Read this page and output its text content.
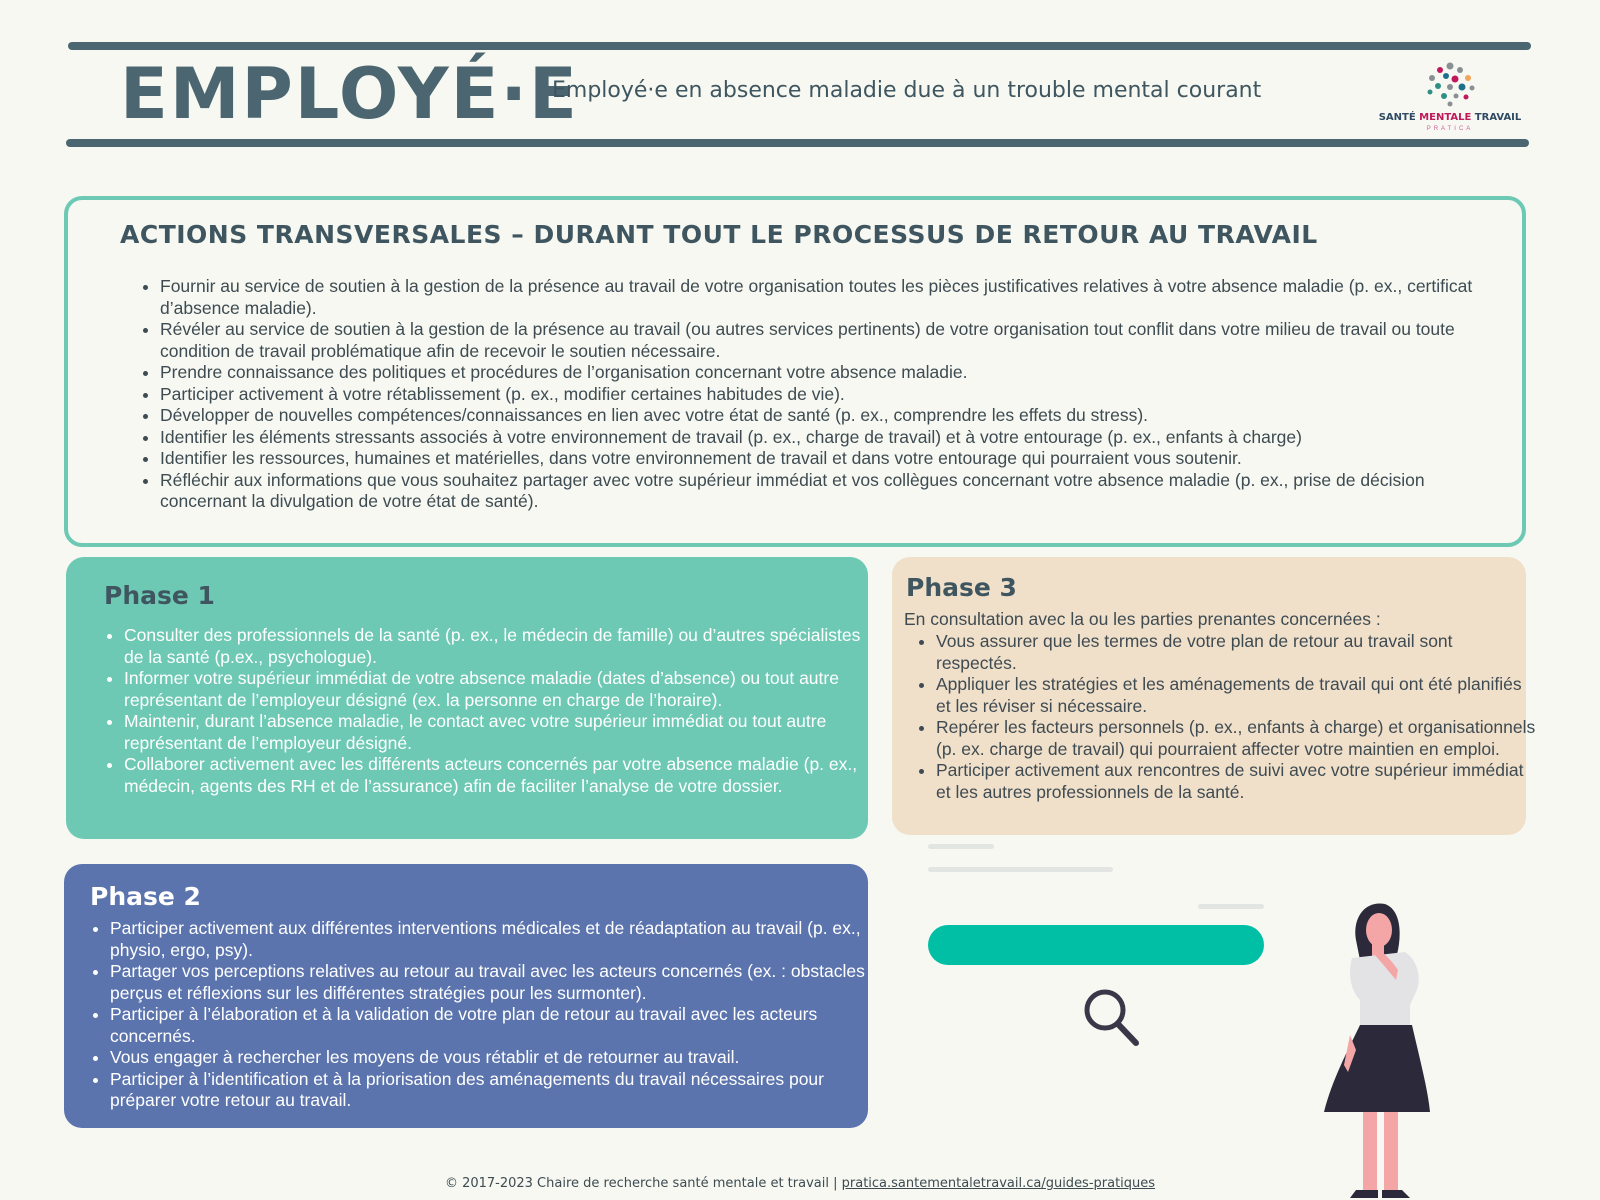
EMPLOYÉ·E
Employé·e en absence maladie due à un trouble mental courant
SANTÉ MENTALE TRAVAIL
PRATICA
ACTIONS TRANSVERSALES – DURANT TOUT LE PROCESSUS DE RETOUR AU TRAVAIL
• Fournir au service de soutien à la gestion de la présence au travail de votre organisation toutes les pièces justificatives relatives à votre absence maladie (p. ex., certificat d’absence maladie).
• Révéler au service de soutien à la gestion de la présence au travail (ou autres services pertinents) de votre organisation tout conflit dans votre milieu de travail ou toute condition de travail problématique afin de recevoir le soutien nécessaire.
• Prendre connaissance des politiques et procédures de l’organisation concernant votre absence maladie.
• Participer activement à votre rétablissement (p. ex., modifier certaines habitudes de vie).
• Développer de nouvelles compétences/connaissances en lien avec votre état de santé (p. ex., comprendre les effets du stress).
• Identifier les éléments stressants associés à votre environnement de travail (p. ex., charge de travail) et à votre entourage (p. ex., enfants à charge)
• Identifier les ressources, humaines et matérielles, dans votre environnement de travail et dans votre entourage qui pourraient vous soutenir.
• Réfléchir aux informations que vous souhaitez partager avec votre supérieur immédiat et vos collègues concernant votre absence maladie (p. ex., prise de décision concernant la divulgation de votre état de santé).
Phase 1
• Consulter des professionnels de la santé (p. ex., le médecin de famille) ou d’autres spécialistes de la santé (p.ex., psychologue).
• Informer votre supérieur immédiat de votre absence maladie (dates d’absence) ou tout autre représentant de l’employeur désigné (ex. la personne en charge de l’horaire).
• Maintenir, durant l’absence maladie, le contact avec votre supérieur immédiat ou tout autre représentant de l’employeur désigné.
• Collaborer activement avec les différents acteurs concernés par votre absence maladie (p. ex., médecin, agents des RH et de l’assurance) afin de faciliter l’analyse de votre dossier.
Phase 3
En consultation avec la ou les parties prenantes concernées :
• Vous assurer que les termes de votre plan de retour au travail sont respectés.
• Appliquer les stratégies et les aménagements de travail qui ont été planifiés et les réviser si nécessaire.
• Repérer les facteurs personnels (p. ex., enfants à charge) et organisationnels (p. ex. charge de travail) qui pourraient affecter votre maintien en emploi.
• Participer activement aux rencontres de suivi avec votre supérieur immédiat et les autres professionnels de la santé.
Phase 2
• Participer activement aux différentes interventions médicales et de réadaptation au travail (p. ex., physio, ergo, psy).
• Partager vos perceptions relatives au retour au travail avec les acteurs concernés (ex. : obstacles perçus et réflexions sur les différentes stratégies pour les surmonter).
• Participer à l’élaboration et à la validation de votre plan de retour au travail avec les acteurs concernés.
• Vous engager à rechercher les moyens de vous rétablir et de retourner au travail.
• Participer à l’identification et à la priorisation des aménagements du travail nécessaires pour préparer votre retour au travail.
© 2017-2023 Chaire de recherche santé mentale et travail | pratica.santementaletravail.ca/guides-pratiques
